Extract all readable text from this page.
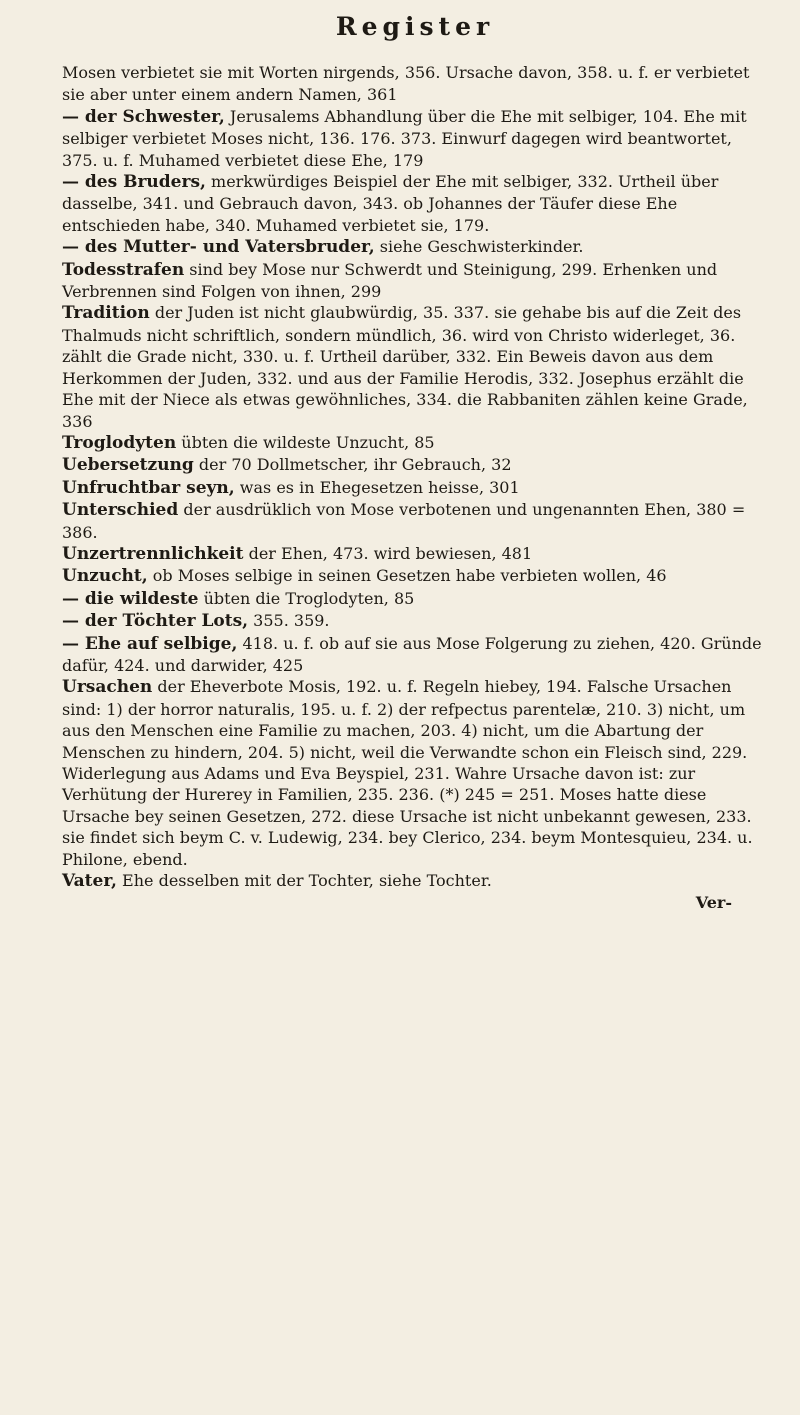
Register

Mosen verbietet sie mit Worten nirgends, 356. Ursache davon, 358. u. f. er verbietet sie aber unter einem andern Namen, 361

— der Schwester, Jerusalems Abhandlung über die Ehe mit selbiger, 104. Ehe mit selbiger verbietet Moses nicht, 136. 176. 373. Einwurf dagegen wird beantwortet, 375. u. f. Muhamed verbietet diese Ehe, 179

— des Bruders, merkwürdiges Beispiel der Ehe mit selbiger, 332. Urtheil über dasselbe, 341. und Gebrauch davon, 343. ob Johannes der Täufer diese Ehe entschieden habe, 340. Muhamed verbietet sie, 179.

— des Mutter- und Vatersbruder, siehe Geschwisterkinder.

Todesstrafen sind bey Mose nur Schwerdt und Steinigung, 299. Erhenken und Verbrennen sind Folgen von ihnen, 299

Tradition der Juden ist nicht glaubwürdig, 35. 337. sie gehabe bis auf die Zeit des Thalmuds nicht schriftlich, sondern mündlich, 36. wird von Christo widerleget, 36. zählt die Grade nicht, 330. u. f. Urtheil darüber, 332. Ein Beweis davon aus dem Herkommen der Juden, 332. und aus der Familie Herodis, 332. Josephus erzählt die Ehe mit der Niece als etwas gewöhnliches, 334. die Rabbaniten zählen keine Grade, 336

Troglodyten übten die wildeste Unzucht, 85

Uebersetzung der 70 Dollmetscher, ihr Gebrauch, 32

Unfruchtbar seyn, was es in Ehegesetzen heisse, 301

Unterschied der ausdrüklich von Mose verbotenen und ungenannten Ehen, 380 = 386.

Unzertrennlichkeit der Ehen, 473. wird bewiesen, 481

Unzucht, ob Moses selbige in seinen Gesetzen habe verbieten wollen, 46

— die wildeste übten die Troglodyten, 85

— der Töchter Lots, 355. 359.

— Ehe auf selbige, 418. u. f. ob auf sie aus Mose Folgerung zu ziehen, 420. Gründe dafür, 424. und darwider, 425

Ursachen der Eheverbote Mosis, 192. u. f. Regeln hiebey, 194. Falsche Ursachen sind: 1) der horror naturalis, 195. u. f. 2) der refpectus parentelæ, 210. 3) nicht, um aus den Menschen eine Familie zu machen, 203. 4) nicht, um die Abartung der Menschen zu hindern, 204. 5) nicht, weil die Verwandte schon ein Fleisch sind, 229. Widerlegung aus Adams und Eva Beyspiel, 231. Wahre Ursache davon ist: zur Verhütung der Hurerey in Familien, 235. 236. (*) 245 = 251. Moses hatte diese Ursache bey seinen Gesetzen, 272. diese Ursache ist nicht unbekannt gewesen, 233. sie findet sich beym C. v. Ludewig, 234. bey Clerico, 234. beym Montesquieu, 234. u. Philone, ebend.

Vater, Ehe desselben mit der Tochter, siehe Tochter.

Ver-
